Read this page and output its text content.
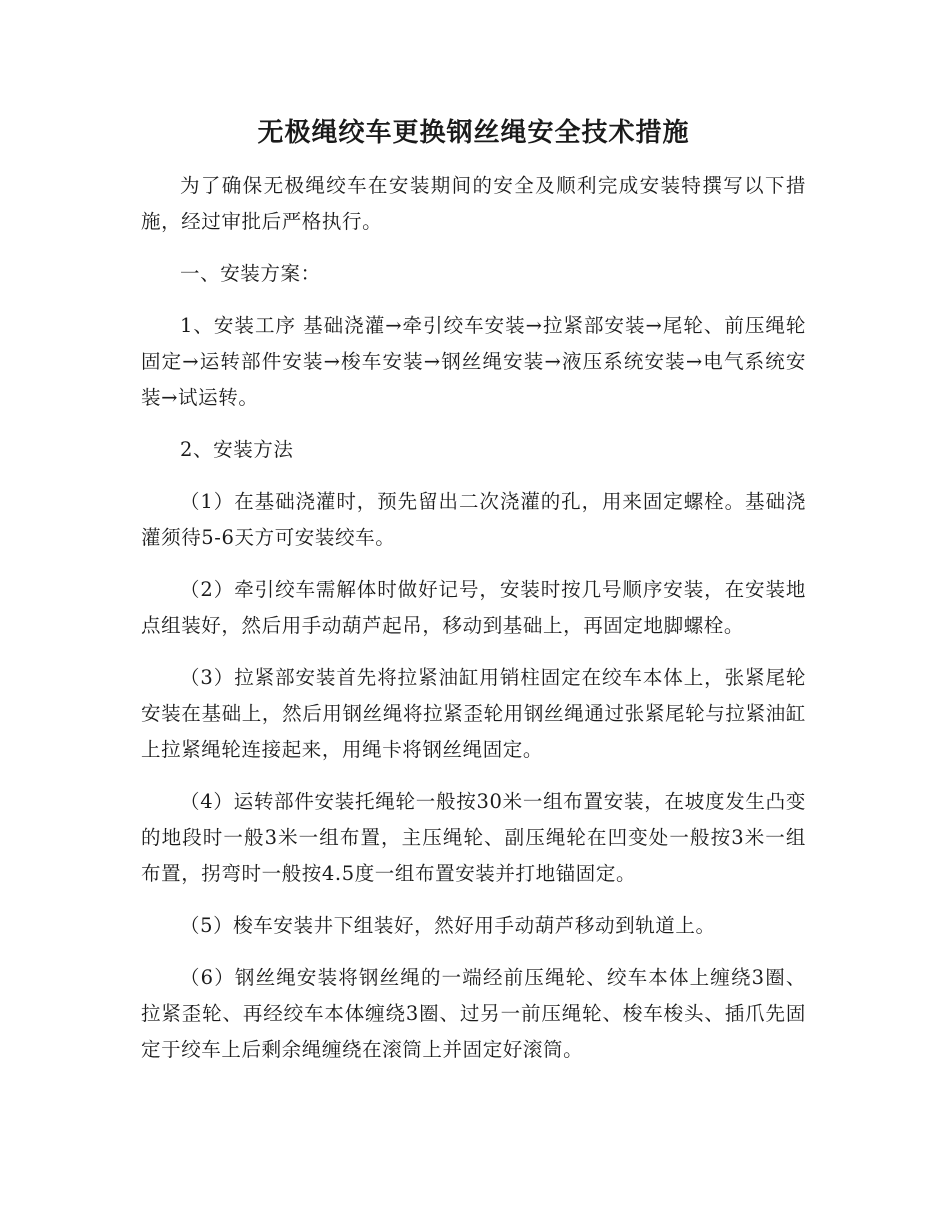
无极绳绞车更换钢丝绳安全技术措施

为了确保无极绳绞车在安装期间的安全及顺利完成安装特撰写以下措施，经过审批后严格执行。

一、安装方案：

1、安装工序 基础浇灌→牵引绞车安装→拉紧部安装→尾轮、前压绳轮固定→运转部件安装→梭车安装→钢丝绳安装→液压系统安装→电气系统安装→试运转。

2、安装方法

（1）在基础浇灌时，预先留出二次浇灌的孔，用来固定螺栓。基础浇灌须待5-6天方可安装绞车。

（2）牵引绞车需解体时做好记号，安装时按几号顺序安装，在安装地点组装好，然后用手动葫芦起吊，移动到基础上，再固定地脚螺栓。

（3）拉紧部安装首先将拉紧油缸用销柱固定在绞车本体上，张紧尾轮安装在基础上，然后用钢丝绳将拉紧歪轮用钢丝绳通过张紧尾轮与拉紧油缸上拉紧绳轮连接起来，用绳卡将钢丝绳固定。

（4）运转部件安装托绳轮一般按30米一组布置安装，在坡度发生凸变的地段时一般3米一组布置，主压绳轮、副压绳轮在凹变处一般按3米一组布置，拐弯时一般按4.5度一组布置安装并打地锚固定。

（5）梭车安装井下组装好，然好用手动葫芦移动到轨道上。

（6）钢丝绳安装将钢丝绳的一端经前压绳轮、绞车本体上缠绕3圈、拉紧歪轮、再经绞车本体缠绕3圈、过另一前压绳轮、梭车梭头、插爪先固定于绞车上后剩余绳缠绕在滚筒上并固定好滚筒。
